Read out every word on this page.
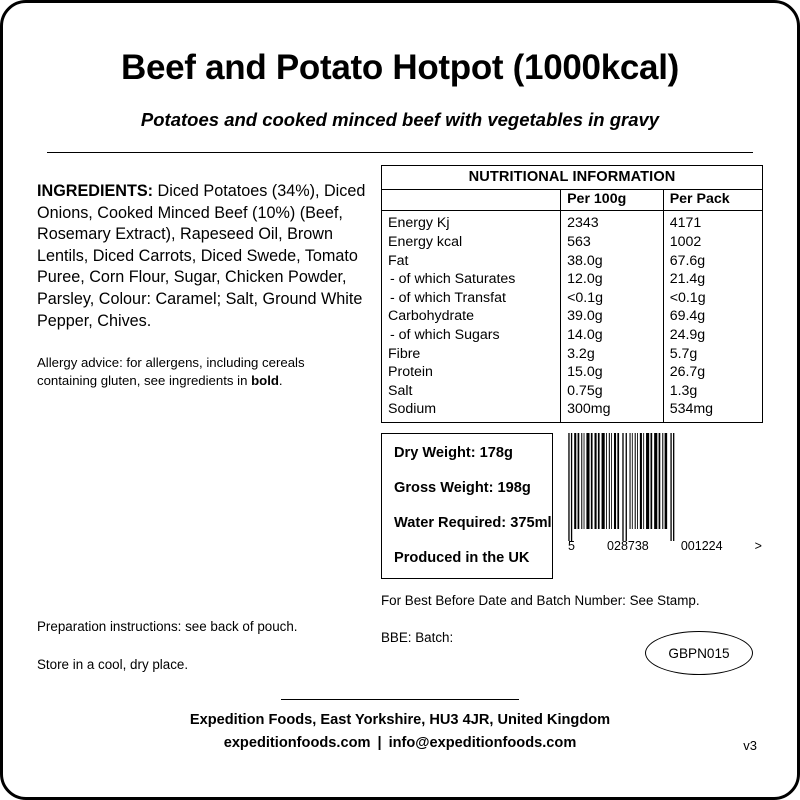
Beef and Potato Hotpot (1000kcal)
Potatoes and cooked minced beef with vegetables in gravy

INGREDIENTS: Diced Potatoes (34%), Diced Onions, Cooked Minced Beef (10%) (Beef, Rosemary Extract), Rapeseed Oil, Brown Lentils, Diced Carrots, Diced Swede, Tomato Puree, Corn Flour, Sugar, Chicken Powder, Parsley, Colour: Caramel; Salt, Ground White Pepper, Chives.

Allergy advice: for allergens, including cereals containing gluten, see ingredients in bold.

NUTRITIONAL INFORMATION
	Per 100g	Per Pack
Energy Kj	2343	4171
Energy kcal	563	1002
Fat	38.0g	67.6g
- of which Saturates	12.0g	21.4g
- of which Transfat	<0.1g	<0.1g
Carbohydrate	39.0g	69.4g
- of which Sugars	14.0g	24.9g
Fibre	3.2g	5.7g
Protein	15.0g	26.7g
Salt	0.75g	1.3g
Sodium	300mg	534mg
Dry Weight: 178g
Gross Weight: 198g
Water Required: 375ml
Produced in the UK
5	028738	001224	>

Preparation instructions: see back of pouch.

Store in a cool, dry place.

For Best Before Date and Batch Number: See Stamp.

BBE:

Batch:

GBPN015
Expedition Foods, East Yorkshire, HU3 4JR, United Kingdom
expeditionfoods.com | info@expeditionfoods.com	v3
